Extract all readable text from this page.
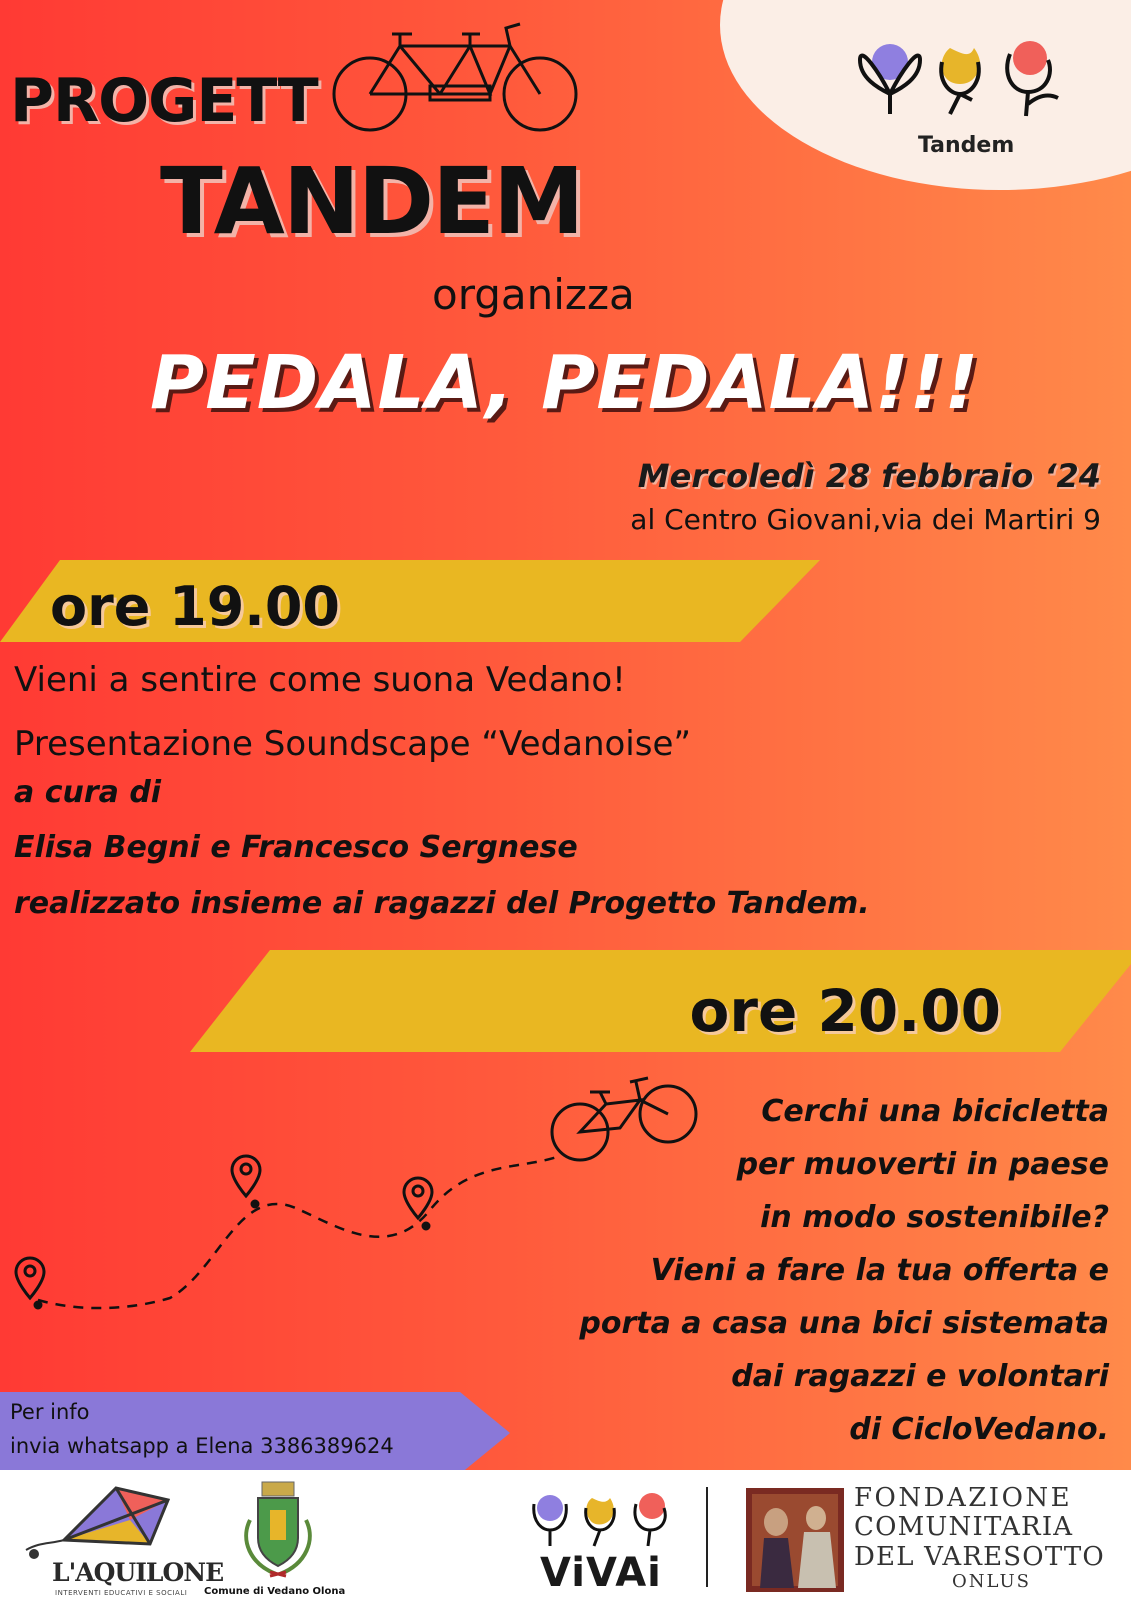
Tandem
PROGETT
TANDEM
organizza
PEDALA, PEDALA!!!
Mercoledì 28 febbraio ‘24
al Centro Giovani,via dei Martiri 9
ore 19.00
Vieni a sentire come suona Vedano!
Presentazione Soundscape “Vedanoise”
a cura di
Elisa Begni e Francesco Sergnese
realizzato insieme ai ragazzi del Progetto Tandem.
ore 20.00
Cerchi una bicicletta
per muoverti in paese
in modo sostenibile?
Vieni a fare la tua offerta e
porta a casa una bici sistemata
dai ragazzi e volontari
di CicloVedano.
Per info
invia whatsapp a Elena 3386389624
L'AQUILONE
INTERVENTI EDUCATIVI E SOCIALI Comune di Vedano Olona	ViVAi
FONDAZIONE
COMUNITARIA
DEL VARESOTTO
ONLUS
